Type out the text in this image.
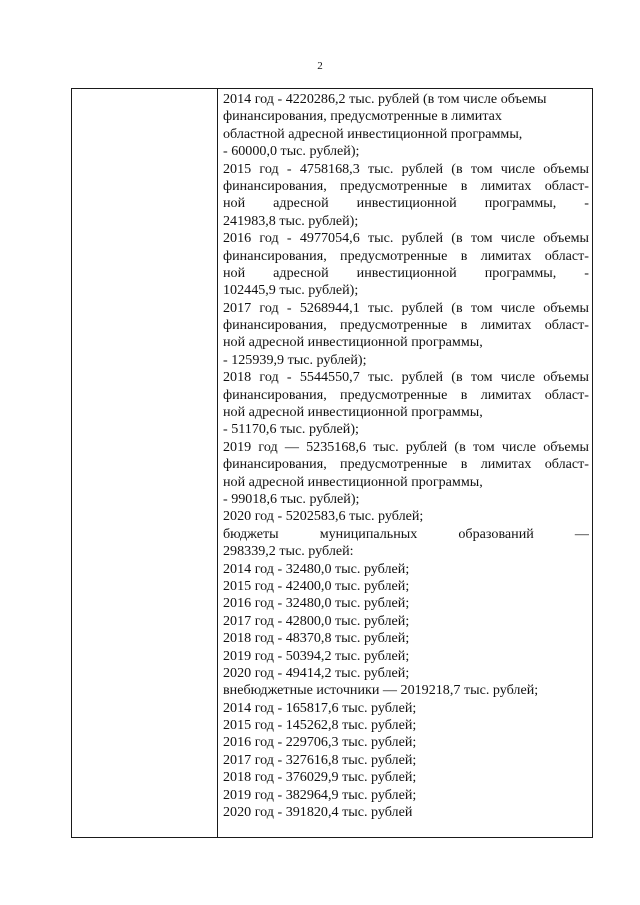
2
2014 год - 4220286,2 тыс. рублей (в том числе объемы
финансирования, предусмотренные в лимитах
областной адресной инвестиционной программы,
- 60000,0 тыс. рублей);
2015 год - 4758168,3 тыс. рублей (в том числе объемы
финансирования, предусмотренные в лимитах област-
ной адресной инвестиционной программы, -
241983,8 тыс. рублей);
2016 год - 4977054,6 тыс. рублей (в том числе объемы
финансирования, предусмотренные в лимитах област-
ной адресной инвестиционной программы, -
102445,9 тыс. рублей);
2017 год - 5268944,1 тыс. рублей (в том числе объемы
финансирования, предусмотренные в лимитах област-
ной адресной инвестиционной программы,
- 125939,9 тыс. рублей);
2018 год - 5544550,7 тыс. рублей (в том числе объемы
финансирования, предусмотренные в лимитах област-
ной адресной инвестиционной программы,
- 51170,6 тыс. рублей);
2019 год — 5235168,6 тыс. рублей (в том числе объемы
финансирования, предусмотренные в лимитах област-
ной адресной инвестиционной программы,
- 99018,6 тыс. рублей);
2020 год - 5202583,6 тыс. рублей;
бюджеты муниципальных образований —
298339,2 тыс. рублей:
2014 год - 32480,0 тыс. рублей;
2015 год - 42400,0 тыс. рублей;
2016 год - 32480,0 тыс. рублей;
2017 год - 42800,0 тыс. рублей;
2018 год - 48370,8 тыс. рублей;
2019 год - 50394,2 тыс. рублей;
2020 год - 49414,2 тыс. рублей;
внебюджетные источники — 2019218,7 тыс. рублей;
2014 год - 165817,6 тыс. рублей;
2015 год - 145262,8 тыс. рублей;
2016 год - 229706,3 тыс. рублей;
2017 год - 327616,8 тыс. рублей;
2018 год - 376029,9 тыс. рублей;
2019 год - 382964,9 тыс. рублей;
2020 год - 391820,4 тыс. рублей
